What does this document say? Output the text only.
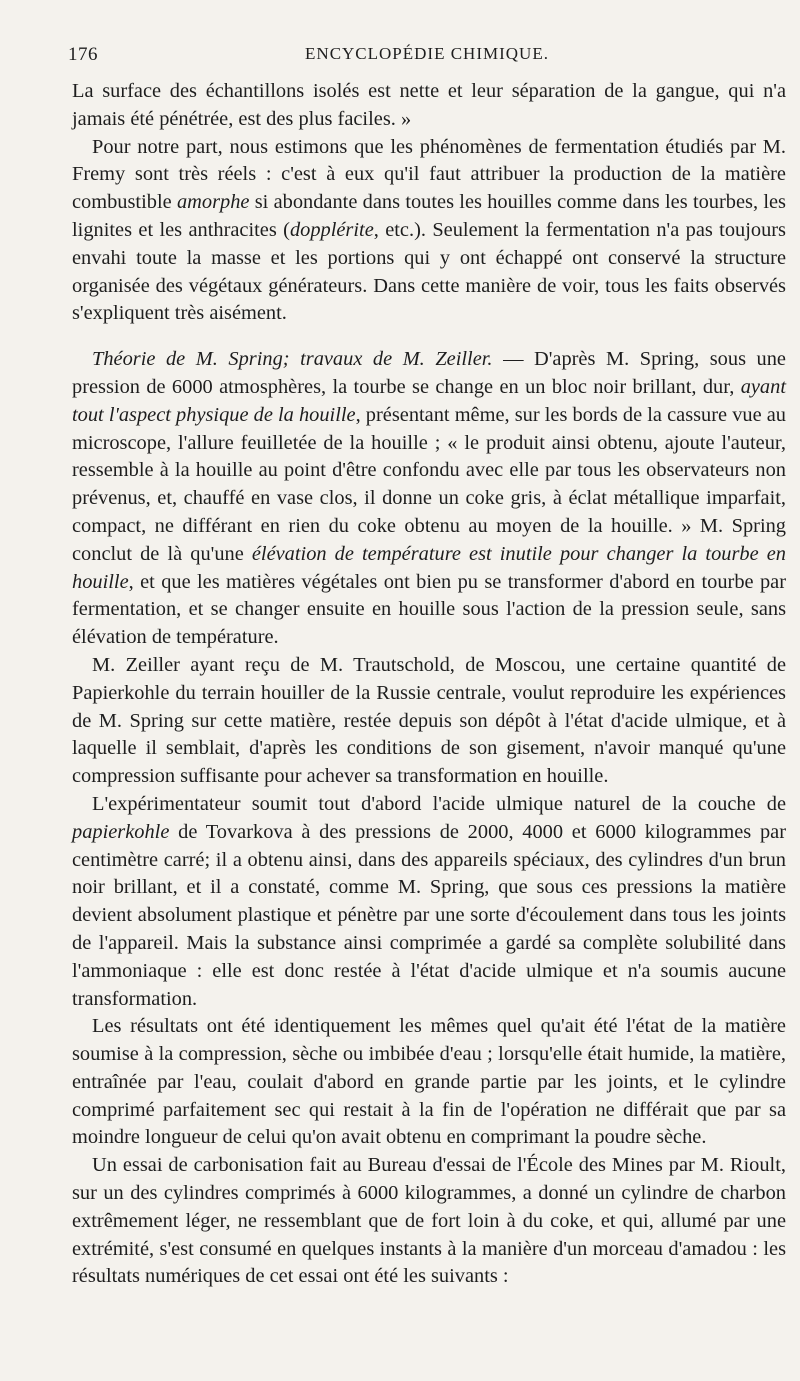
176	ENCYCLOPÉDIE CHIMIQUE.

La surface des échantillons isolés est nette et leur séparation de la gangue, qui n'a jamais été pénétrée, est des plus faciles. »

Pour notre part, nous estimons que les phénomènes de fermentation étudiés par M. Fremy sont très réels : c'est à eux qu'il faut attribuer la production de la matière combustible amorphe si abondante dans toutes les houilles comme dans les tourbes, les lignites et les anthracites (dopplérite, etc.). Seulement la fermentation n'a pas toujours envahi toute la masse et les portions qui y ont échappé ont conservé la structure organisée des végétaux générateurs. Dans cette manière de voir, tous les faits observés s'expliquent très aisément.

Théorie de M. Spring; travaux de M. Zeiller. — D'après M. Spring, sous une pression de 6000 atmosphères, la tourbe se change en un bloc noir brillant, dur, ayant tout l'aspect physique de la houille, présentant même, sur les bords de la cassure vue au microscope, l'allure feuilletée de la houille ; « le produit ainsi obtenu, ajoute l'auteur, ressemble à la houille au point d'être confondu avec elle par tous les observateurs non prévenus, et, chauffé en vase clos, il donne un coke gris, à éclat métallique imparfait, compact, ne différant en rien du coke obtenu au moyen de la houille. » M. Spring conclut de là qu'une élévation de température est inutile pour changer la tourbe en houille, et que les matières végétales ont bien pu se transformer d'abord en tourbe par fermentation, et se changer ensuite en houille sous l'action de la pression seule, sans élévation de température.

M. Zeiller ayant reçu de M. Trautschold, de Moscou, une certaine quantité de Papierkohle du terrain houiller de la Russie centrale, voulut reproduire les expériences de M. Spring sur cette matière, restée depuis son dépôt à l'état d'acide ulmique, et à laquelle il semblait, d'après les conditions de son gisement, n'avoir manqué qu'une compression suffisante pour achever sa transformation en houille.

L'expérimentateur soumit tout d'abord l'acide ulmique naturel de la couche de papierkohle de Tovarkova à des pressions de 2000, 4000 et 6000 kilogrammes par centimètre carré; il a obtenu ainsi, dans des appareils spéciaux, des cylindres d'un brun noir brillant, et il a constaté, comme M. Spring, que sous ces pressions la matière devient absolument plastique et pénètre par une sorte d'écoulement dans tous les joints de l'appareil. Mais la substance ainsi comprimée a gardé sa complète solubilité dans l'ammoniaque : elle est donc restée à l'état d'acide ulmique et n'a soumis aucune transformation.

Les résultats ont été identiquement les mêmes quel qu'ait été l'état de la matière soumise à la compression, sèche ou imbibée d'eau ; lorsqu'elle était humide, la matière, entraînée par l'eau, coulait d'abord en grande partie par les joints, et le cylindre comprimé parfaitement sec qui restait à la fin de l'opération ne différait que par sa moindre longueur de celui qu'on avait obtenu en comprimant la poudre sèche.

Un essai de carbonisation fait au Bureau d'essai de l'École des Mines par M. Rioult, sur un des cylindres comprimés à 6000 kilogrammes, a donné un cylindre de charbon extrêmement léger, ne ressemblant que de fort loin à du coke, et qui, allumé par une extrémité, s'est consumé en quelques instants à la manière d'un morceau d'amadou : les résultats numériques de cet essai ont été les suivants :
